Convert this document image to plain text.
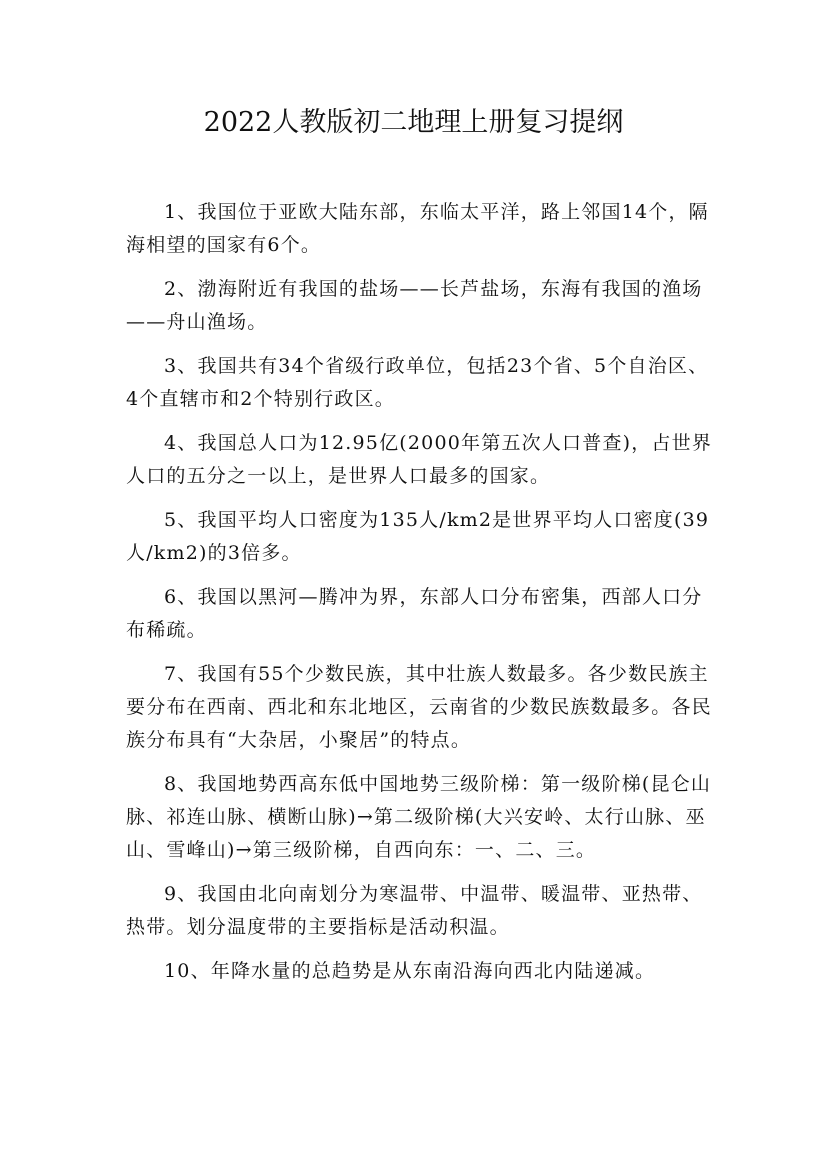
2022人教版初二地理上册复习提纲

1、我国位于亚欧大陆东部，东临太平洋，路上邻国14个，隔海相望的国家有6个。

2、渤海附近有我国的盐场——长芦盐场，东海有我国的渔场——舟山渔场。

3、我国共有34个省级行政单位，包括23个省、5个自治区、4个直辖市和2个特别行政区。

4、我国总人口为12.95亿(2000年第五次人口普查)，占世界人口的五分之一以上，是世界人口最多的国家。

5、我国平均人口密度为135人/km2是世界平均人口密度(39人/km2)的3倍多。

6、我国以黑河—腾冲为界，东部人口分布密集，西部人口分布稀疏。

7、我国有55个少数民族，其中壮族人数最多。各少数民族主要分布在西南、西北和东北地区，云南省的少数民族数最多。各民族分布具有“大杂居，小聚居”的特点。

8、我国地势西高东低中国地势三级阶梯：第一级阶梯(昆仑山脉、祁连山脉、横断山脉)→第二级阶梯(大兴安岭、太行山脉、巫山、雪峰山)→第三级阶梯，自西向东：一、二、三。

9、我国由北向南划分为寒温带、中温带、暖温带、亚热带、热带。划分温度带的主要指标是活动积温。

10、年降水量的总趋势是从东南沿海向西北内陆递减。
